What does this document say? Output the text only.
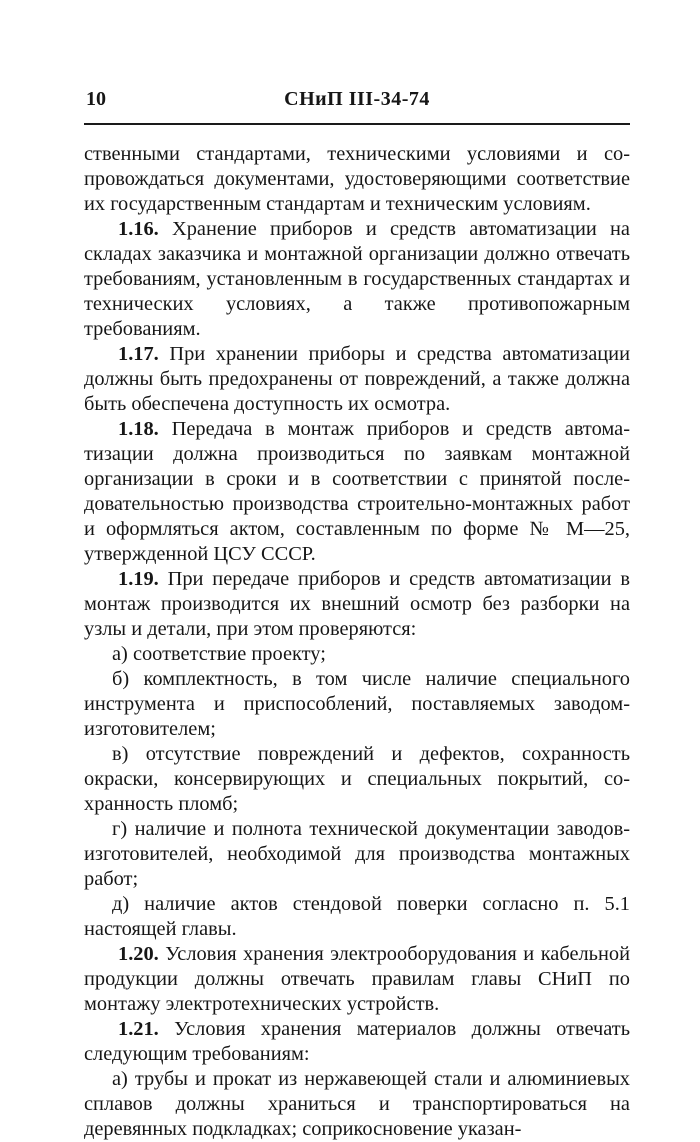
10	СНиП III-34-74

ственными стандартами, техническими условиями и сопровождаться документами, удостоверяющими соответствие их государственным стандартам и техническим условиям.

1.16. Хранение приборов и средств автоматизации на складах заказчика и монтажной организации должно отвечать требованиям, установленным в государственных стандартах и технических условиях, а также противопожарным требованиям.

1.17. При хранении приборы и средства автоматизации должны быть предохранены от повреждений, а также должна быть обеспечена доступность их осмотра.

1.18. Передача в монтаж приборов и средств автоматизации должна производиться по заявкам монтажной организации в сроки и в соответствии с принятой последовательностью производства строительно-монтажных работ и оформляться актом, составленным по форме № М—25, утвержденной ЦСУ СССР.

1.19. При передаче приборов и средств автоматизации в монтаж производится их внешний осмотр без разборки на узлы и детали, при этом проверяются:

а) соответствие проекту;

б) комплектность, в том числе наличие специального инструмента и приспособлений, поставляемых заводом-изготовителем;

в) отсутствие повреждений и дефектов, сохранность окраски, консервирующих и специальных покрытий, сохранность пломб;

г) наличие и полнота технической документации заводов-изготовителей, необходимой для производства монтажных работ;

д) наличие актов стендовой поверки согласно п. 5.1 настоящей главы.

1.20. Условия хранения электрооборудования и кабельной продукции должны отвечать правилам главы СНиП по монтажу электротехнических устройств.

1.21. Условия хранения материалов должны отвечать следующим требованиям:

а) трубы и прокат из нержавеющей стали и алюминиевых сплавов должны храниться и транспортироваться на деревянных подкладках; соприкосновение указан-
